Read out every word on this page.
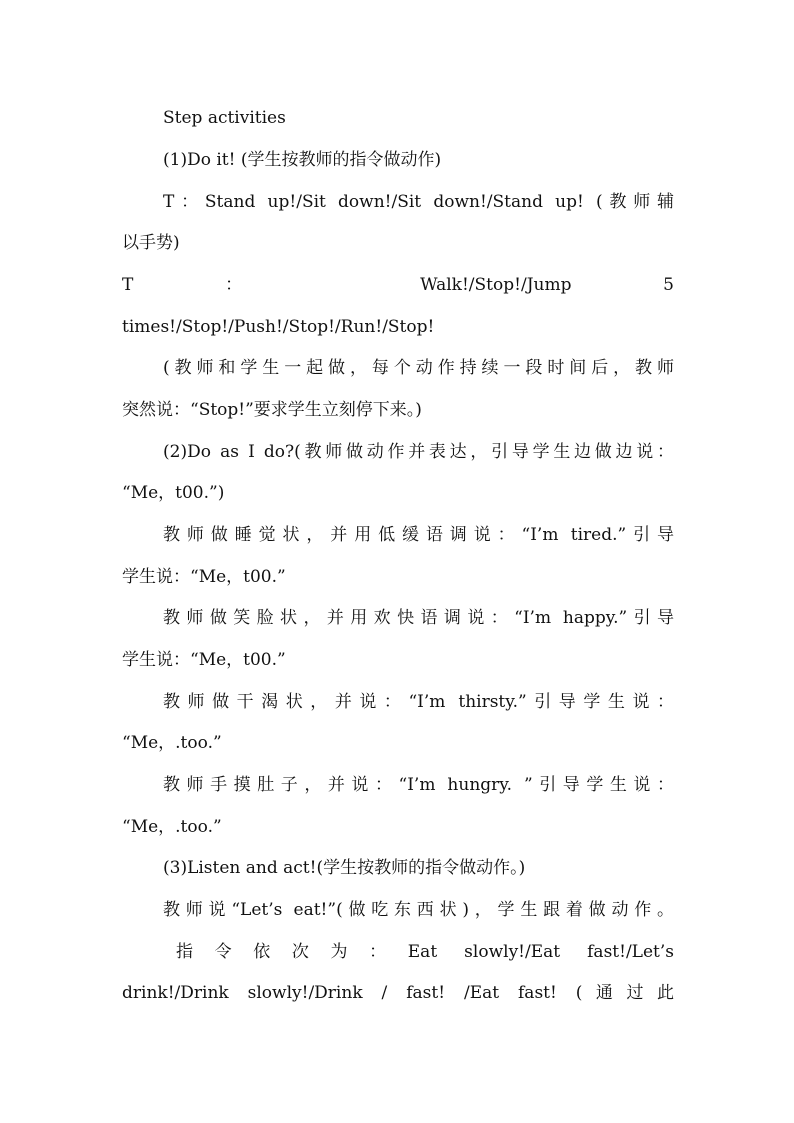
Step activities
(1)Do it! (学生按教师的指令做动作)
T：Stand up!/Sit down!/Sit down!/Stand up! (教师辅
以手势)
T ： Walk!/Stop!/Jump 5
times!/Stop!/Push!/Stop!/Run!/Stop!
(教师和学生一起做，每个动作持续一段时间后，教师
突然说：“Stop!”要求学生立刻停下来。)
(2)Do as I do?(教师做动作并表达，引导学生边做边说：
“Me，t00.”)
教师做睡觉状，并用低缓语调说：“I’m tired.”引导
学生说：“Me，t00.”
教师做笑脸状，并用欢快语调说：“I’m happy.”引导
学生说：“Me，t00.”
教师做干渴状，并说：“I’m thirsty.”引导学生说：
“Me，.too.”
教师手摸肚子，并说：“I’m hungry. ”引导学生说：
“Me，.too.”
(3)Listen and act!(学生按教师的指令做动作。)
教师说“Let’s eat!”(做吃东西状)，学生跟着做动作。
指令依次为：Eat slowly!/Eat fast!/Let’s
drink!/Drink slowly!/Drink / fast! /Eat fast! (通过此
